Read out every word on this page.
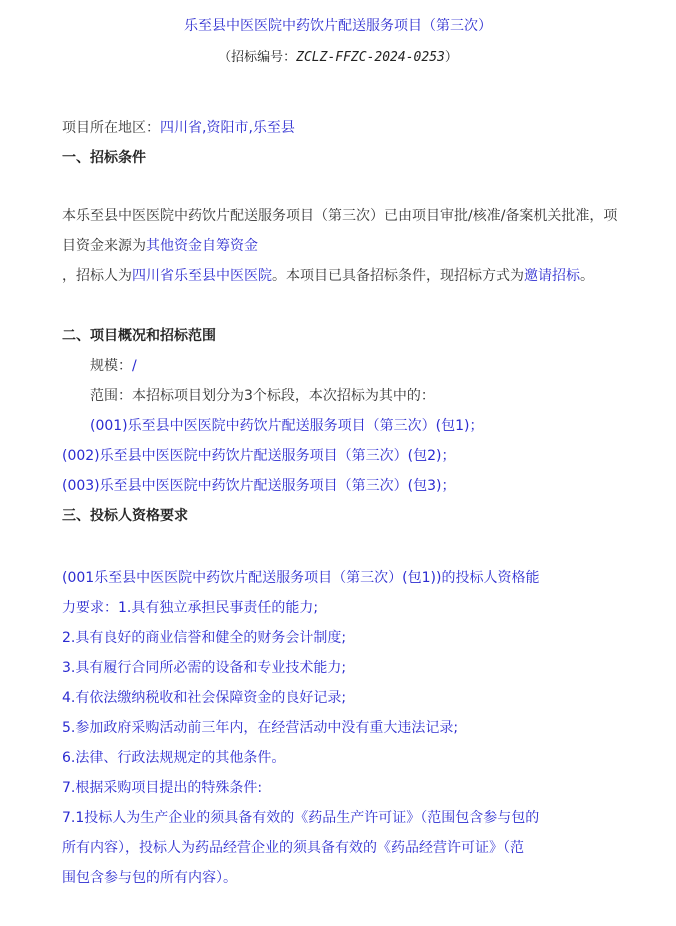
乐至县中医医院中药饮片配送服务项目（第三次）
（招标编号：ZCLZ-FFZC-2024-0253）
项目所在地区：四川省,资阳市,乐至县
一、招标条件
本乐至县中医医院中药饮片配送服务项目（第三次）已由项目审批/核准/备案机关批准，项目资金来源为其他资金自筹资金
，招标人为四川省乐至县中医医院。本项目已具备招标条件，现招标方式为邀请招标。
二、项目概况和招标范围
规模：/
范围：本招标项目划分为3个标段，本次招标为其中的：
(001)乐至县中医医院中药饮片配送服务项目（第三次）(包1)；
(002)乐至县中医医院中药饮片配送服务项目（第三次）(包2)；
(003)乐至县中医医院中药饮片配送服务项目（第三次）(包3)；
三、投标人资格要求
(001乐至县中医医院中药饮片配送服务项目（第三次）(包1))的投标人资格能
力要求：1.具有独立承担民事责任的能力;
2.具有良好的商业信誉和健全的财务会计制度;
3.具有履行合同所必需的设备和专业技术能力;
4.有依法缴纳税收和社会保障资金的良好记录;
5.参加政府采购活动前三年内，在经营活动中没有重大违法记录;
6.法律、行政法规规定的其他条件。
7.根据采购项目提出的特殊条件:
7.1投标人为生产企业的须具备有效的《药品生产许可证》（范围包含参与包的
所有内容），投标人为药品经营企业的须具备有效的《药品经营许可证》（范
围包含参与包的所有内容）。
